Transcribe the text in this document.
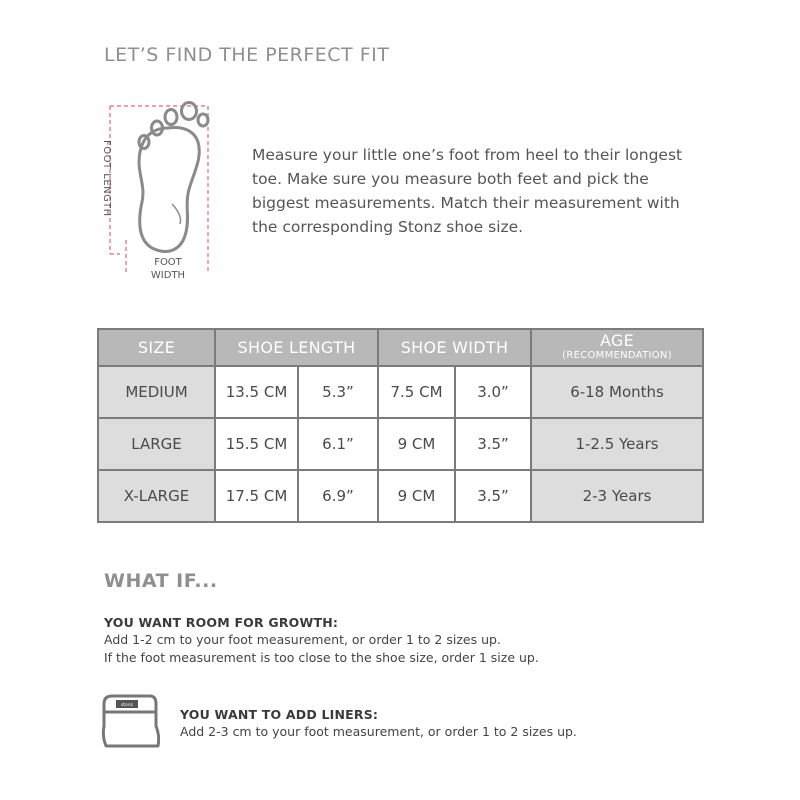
LET’S FIND THE PERFECT FIT
FOOT LENGTH
FOOT
WIDTH
Measure your little one’s foot from heel to their longest
toe. Make sure you measure both feet and pick the
biggest measurements. Match their measurement with
the corresponding Stonz shoe size.
SIZE	SHOE LENGTH		SHOE WIDTH		AGE
(RECOMMENDATION)

MEDIUM	13.5 CM	5.3”	7.5 CM	3.0”	6-18 Months
LARGE	15.5 CM	6.1”	9 CM	3.5”	1-2.5 Years
X-LARGE	17.5 CM	6.9”	9 CM	3.5”	2-3 Years
WHAT IF...
YOU WANT ROOM FOR GROWTH:
Add 1-2 cm to your foot measurement, or order 1 to 2 sizes up.
If the foot measurement is too close to the shoe size, order 1 size up.
stonz
YOU WANT TO ADD LINERS:
Add 2-3 cm to your foot measurement, or order 1 to 2 sizes up.
